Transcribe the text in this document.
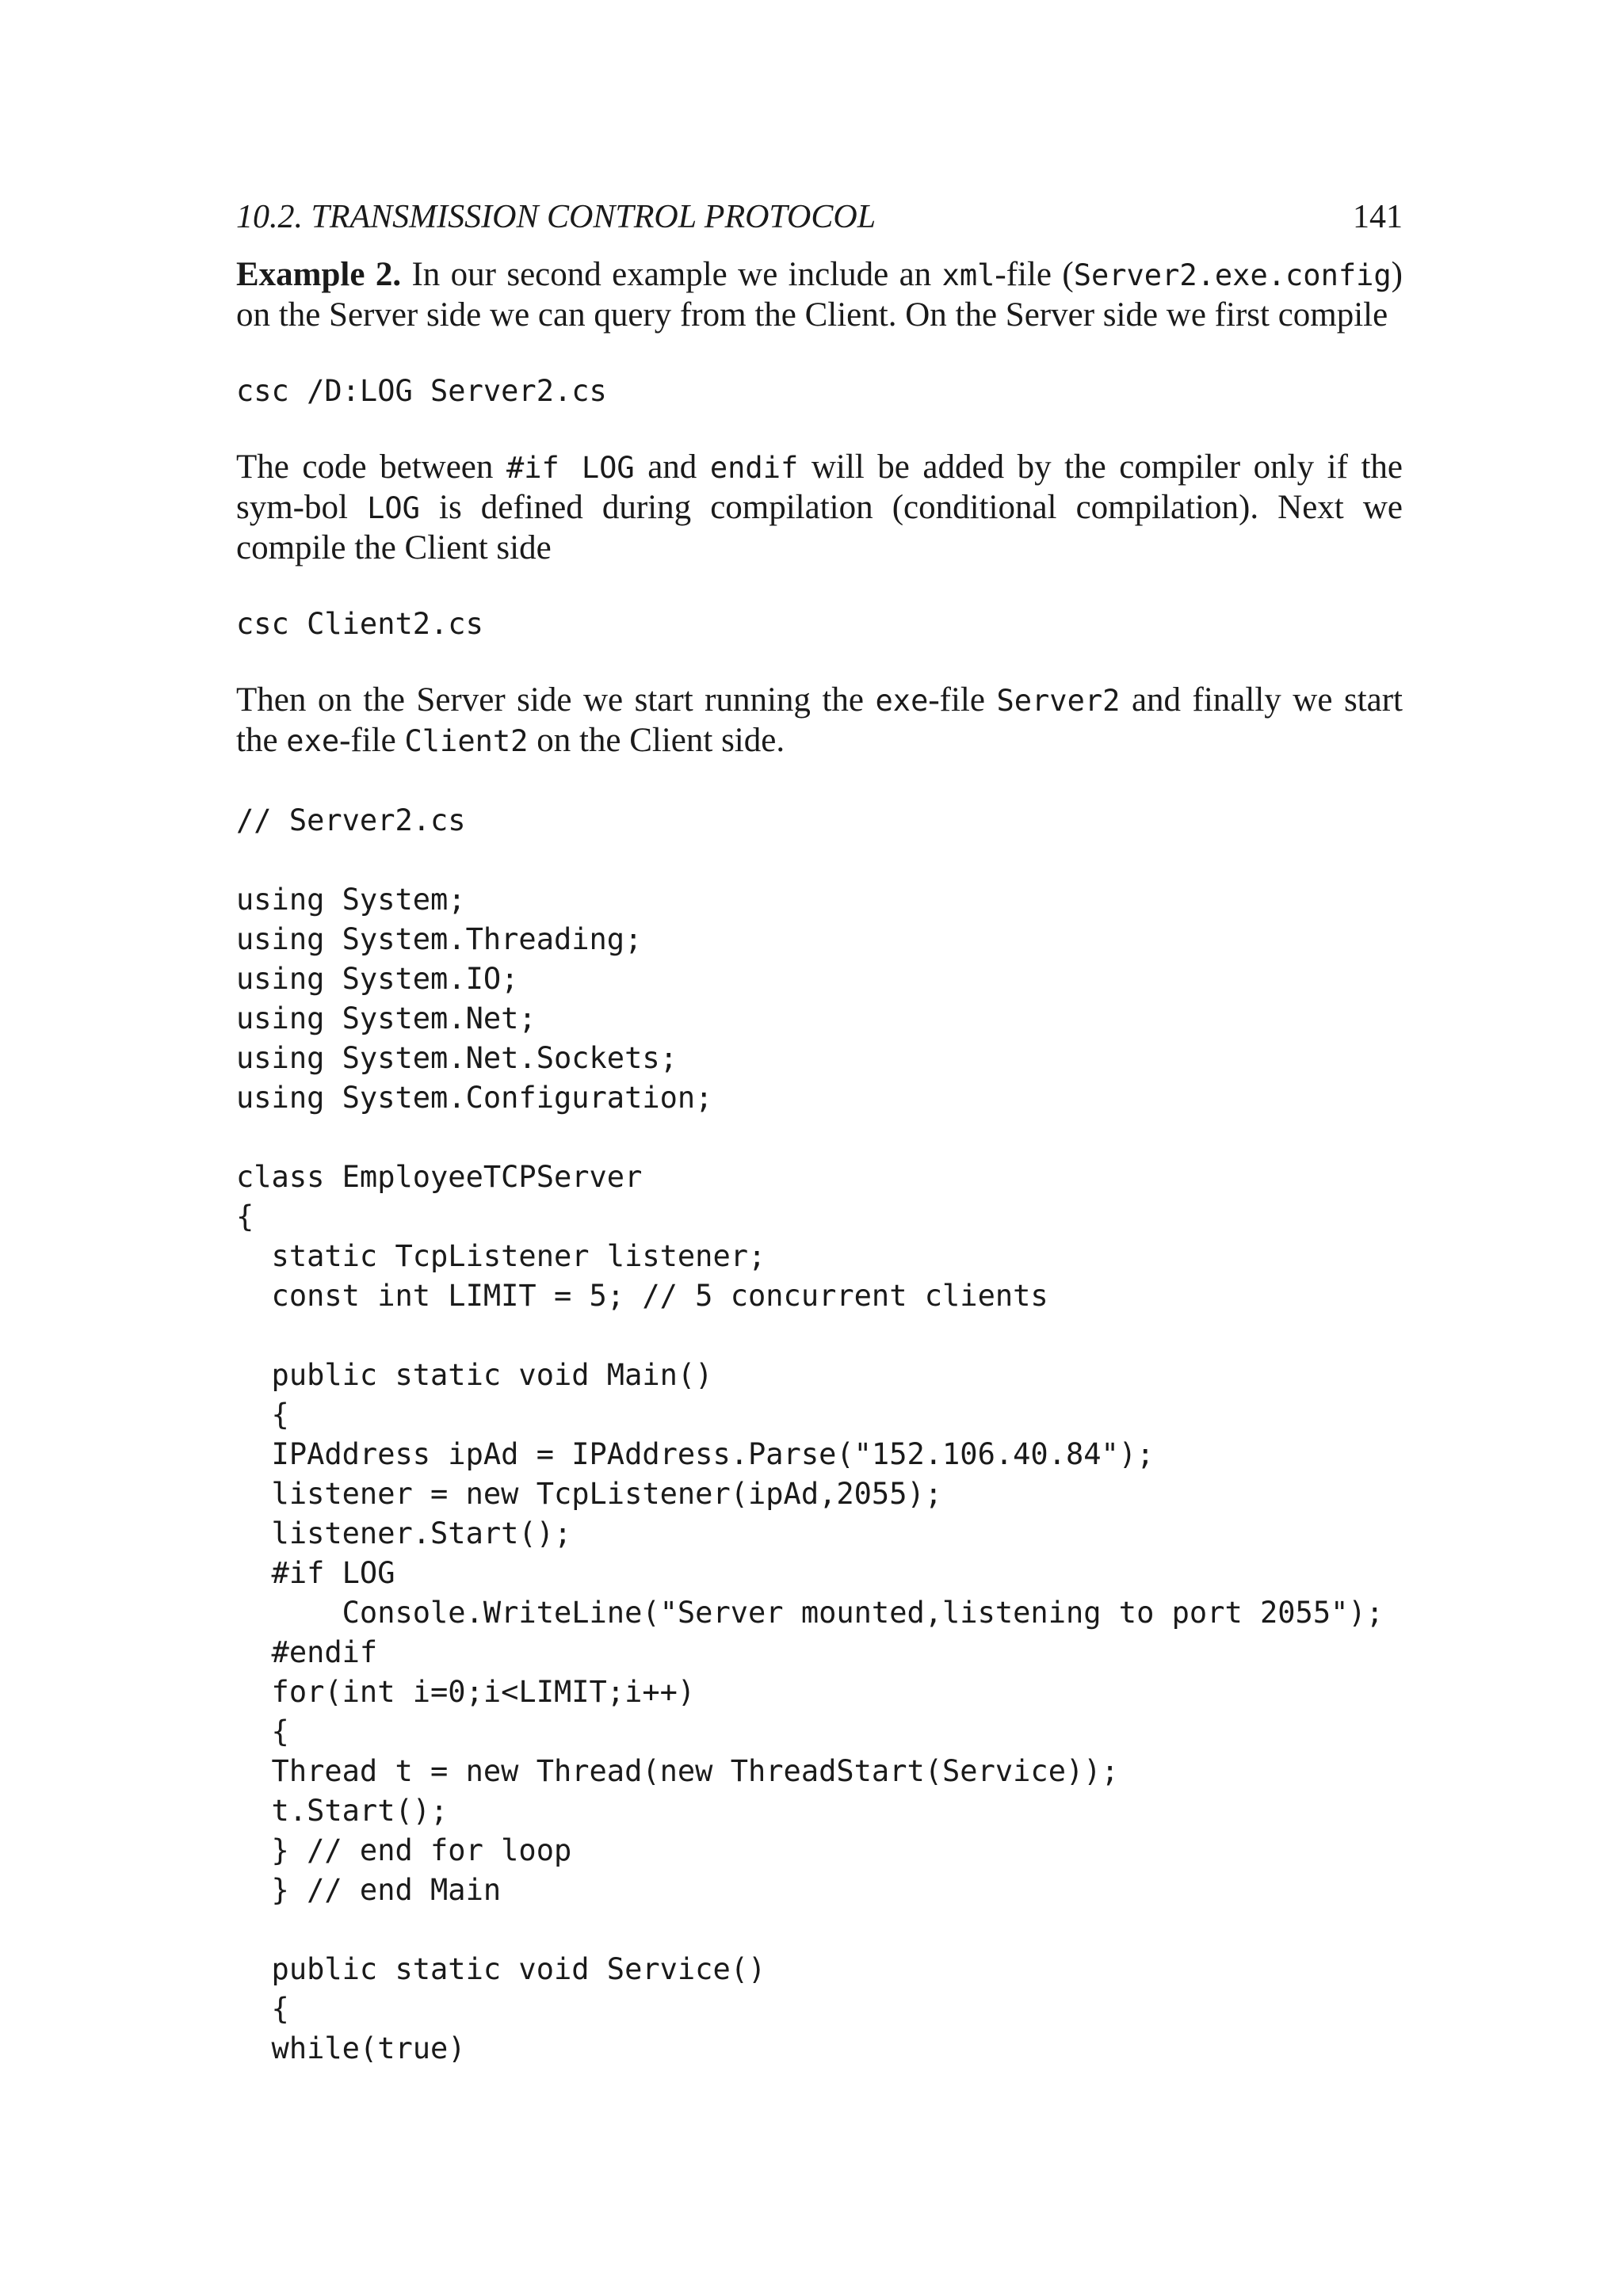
10.2. TRANSMISSION CONTROL PROTOCOL	141

Example 2. In our second example we include an xml-file (Server2.exe.config) on the Server side we can query from the Client. On the Server side we first compile

csc /D:LOG Server2.cs

The code between #if LOG and endif will be added by the compiler only if the sym-bol LOG is defined during compilation (conditional compilation). Next we compile the Client side

csc Client2.cs

Then on the Server side we start running the exe-file Server2 and finally we start the exe-file Client2 on the Client side.

// Server2.cs

using System;
using System.Threading;
using System.IO;
using System.Net;
using System.Net.Sockets;
using System.Configuration;

class EmployeeTCPServer
{
static TcpListener listener;
const int LIMIT = 5; // 5 concurrent clients

public static void Main()
{
IPAddress ipAd = IPAddress.Parse("152.106.40.84");
listener = new TcpListener(ipAd,2055);
listener.Start();
#if LOG
Console.WriteLine("Server mounted,listening to port 2055");
#endif
for(int i=0;i<LIMIT;i++)
{
Thread t = new Thread(new ThreadStart(Service));
t.Start();
} // end for loop
} // end Main

public static void Service()
{
while(true)
